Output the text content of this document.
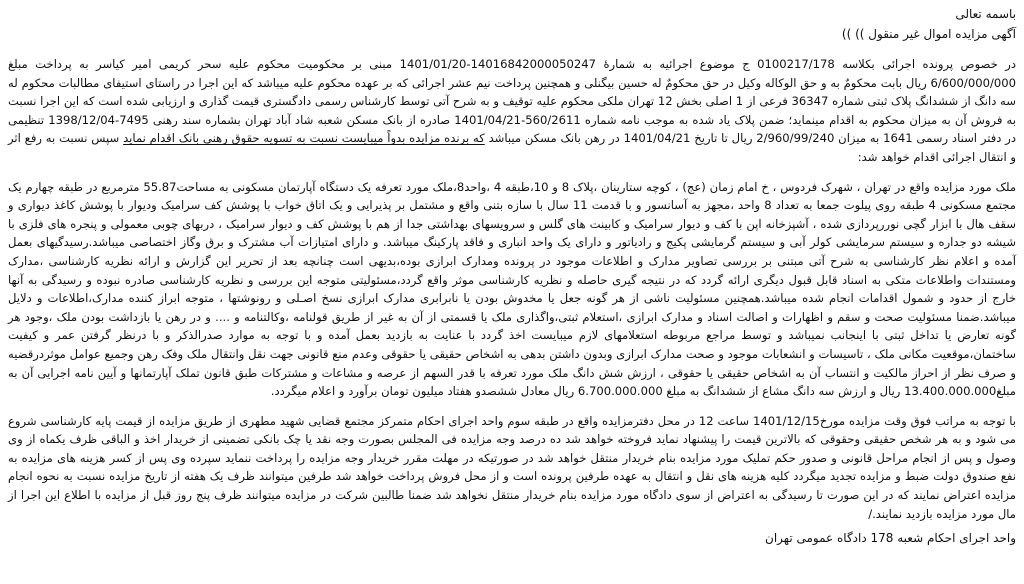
باسمه تعالی
آگهی مزایده اموال غیر منقول )) ))

در خصوص پرونده اجرائی بکلاسه 0100217/178 ج موضوع اجرائیه به شمارهٔ 14016842000050247-1401/01/20 مبنی بر محکومیت محکوم علیه سحر کریمی امیر کیاسر به پرداخت مبلغ 6/600/000/000 ریال بابت محکومٌ به و حق الوکاله وکیل در حق محکومٌ له حسین بیگنلی و همچنین پرداخت نیم عشر اجرائی که بر عهده محکوم علیه میباشد که این اجرا در راستای استیفای مطالبات محکوم له سه دانگ از ششدانگ پلاک ثبتی شماره 36347 فرعی از 1 اصلی بخش 12 تهران ملکی محکوم علیه توقیف و به شرح آتی توسط کارشناس رسمی دادگستری قیمت گذاری و ارزیابی شده است که این اجرا نسبت به فروش آن به میزان محکوم به اقدام مینماید؛ ضمن پلاک یاد شده به موجب نامه شماره 560/2611-1401/04/21 صادره از بانک مسکن شعبه شاد آباد تهران بشماره سند رهنی 7495-1398/12/04 تنظیمی در دفتر اسناد رسمی 1641 به میزان 2/960/99/240 ریال تا تاریخ 1401/04/21 در رهن بانک مسکن میباشد که برنده مزایده بدواً میبایست نسبت به تسویه حقوق رهنی بانک اقدام نماید سپس نسبت به رفع اثر و انتقال اجرائی اقدام خواهد شد:

ملک مورد مزایده واقع در تهران ، شهرک فردوس ، خ امام زمان (عج) ، کوچه ستارینان ،پلاک 8 و 10،طبقه 4 ،واحد8،ملک مورد تعرفه یک دستگاه آپارتمان مسکونی به مساحت55.87 مترمربع در طبقه چهارم یک مجتمع مسکونی 4 طبقه روی پیلوت جمعا به تعداد 8 واحد ،مجهز به آسانسور و با قدمت 11 سال با سازه بتنی واقع و مشتمل بر پذیرایی و یک اتاق خواب با پوشش کف سرامیک ودیوار با پوشش کاغذ دیواری و سقف هال با ابزار گچی نوررپردازی شده ، آشپزخانه اپن با کف و دیوار سرامیک و کابینت های گلس و سرویسهای بهداشتی جدا از هم با پوشش کف و دیوار سرامیک ، دربهای چوبی معمولی و پنجره های فلزی با شیشه دو جداره و سیستم سرمایشی کولر آبی و سیستم گرمایشی پکیج و رادیاتور و دارای یک واحد انباری و فاقد پارکینگ میباشد. و دارای امتیازات آب مشترک و برق وگاز اختصاصی میباشد.رسیدگیهای بعمل آمده و اعلام نظر کارشناسی به شرح آتی مبتنی بر بررسی تصاویر مدارک و اطلاعات موجود در پرونده ومدارک ابرازی بوده،بدیهی است چنانچه بعد از تحریر این گزارش و ارائه نظریه کارشناسی ،مدارک ومستندات واطلاعات متکی به اسناد قابل قبول دیگری ارائه گردد که در نتیجه گیری حاصله و نظریه کارشناسی موثر واقع گردد،مسئولیتی متوجه این بررسی و نظریه کارشناسی صادره نبوده و رسیدگی به آنها خارج از حدود و شمول اقدامات انجام شده میباشد.همچنین مسئولیت ناشی از هر گونه جعل یا مخدوش بودن یا نابرابری مدارک ابرازی نسخ اصـلی و رونوشتها ، متوجه ابراز کننده مدارک،اطلاعات و دلایل میباشد.ضمنا مسئولیت صحت و سقم و اظهارات و اصالت اسناد و مدارک ابرازی ،استعلام ثبتی،واگذاری ملک یا قسمتی از آن به غیر از طریق قولنامه ،وکالتنامه و .... و در رهن یا بازداشت بودن ملک ،وجود هر گونه تعارض یا تداخل ثبتی با اینجانب نمیباشد و توسط مراجع مربوطه استعلامهای لازم میبایست اخذ گردد با عنایت به بازدید بعمل آمده و با توجه به موارد صدرالذکر و با درنظر گرفتن عمر و کیفیت ساختمان،موقعیت مکانی ملک ، تاسیسات و انشعابات موجود و صحت مدارک ابرازی وبدون داشتن بدهی به اشخاص حقیقی یا حقوقی وعدم منع قانونی جهت نقل وانتقال ملک وفک رهن وجمیع عوامل موثردرقضیه و صرف نظر از احراز مالکیت و انتساب آن به اشخاص حقیقی یا حقوقی ، ارزش شش دانگ ملک مورد تعرفه با قدر السهم از عرصه و مشاعات و مشترکات طبق قانون تملک آپارتمانها و آیین نامه اجرایی آن به مبلغ13.400.000.000 ریال و ارزش سه دانگ مشاع از ششدانگ به مبلغ 6.700.000.000 ریال معادل ششصدو هفتاد میلیون تومان برآورد و اعلام میگردد.

با توجه به مراتب فوق وقت مزایده مورخ1401/12/15 ساعت 12 در محل دفترمزایده واقع در طبقه سوم واحد اجرای احکام متمرکز مجتمع قضایی شهید مطهری از طریق مزایده از قیمت پایه کارشناسی شروع می شود و به هر شخص حقیقی وحقوقی که بالاترین قیمت را پیشنهاد نماید فروخته خواهد شد ده درصد وجه مزایده فی المجلس بصورت وجه نقد یا چک بانکی تضمینی از خریدار اخذ و الباقی ظرف یکماه از وی وصول و پس از انجام مراحل قانونی و صدور حکم تملیک مورد مزایده بنام خریدار منتقل خواهد شد در صورتیکه در مهلت مقرر خریدار وجه مزایده را پرداخت ننماید سپرده وی پس از کسر هزینه های مزایده به نفع صندوق دولت ضبط و مزایده تجدید میگردد کلیه هزینه های نقل و انتقال به عهده طرفین پرونده است و از محل فروش پرداخت خواهد شد طرفین میتوانند ظرف یک هفته از تاریخ مزایده نسبت به نحوه انجام مزایده اعتراض نمایند که در این صورت تا رسیدگی به اعتراض از سوی دادگاه مورد مزایده بنام خریدار منتقل نخواهد شد ضمنا طالبین شرکت در مزایده میتوانند ظرف پنج روز قبل از مزایده با اطلاع این اجرا از مال مورد مزایده بازدید نمایند./

واحد اجرای احکام شعبه 178 دادگاه عمومی تهران
